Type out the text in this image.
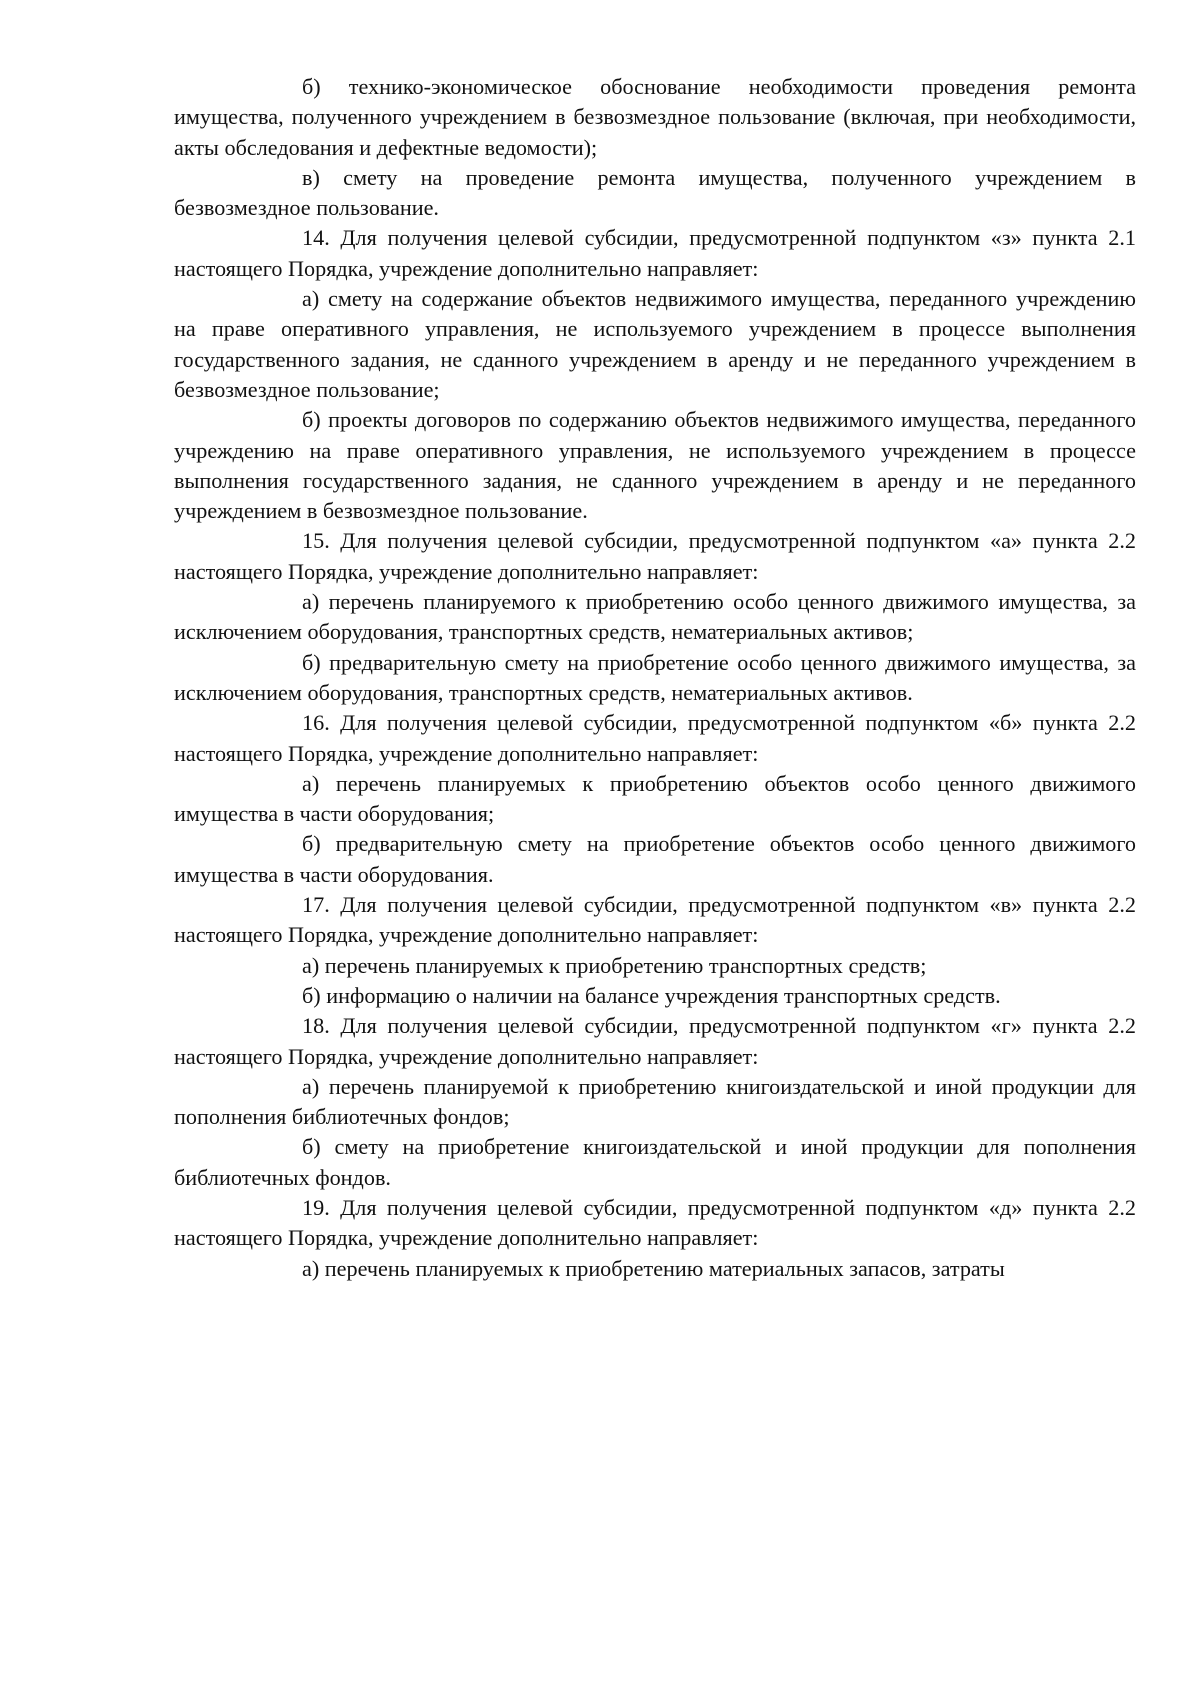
б) технико-экономическое обоснование необходимости проведения ремонта имущества, полученного учреждением в безвозмездное пользование (включая, при необходимости, акты обследования и дефектные ведомости);

в) смету на проведение ремонта имущества, полученного учреждением в безвозмездное пользование.

14. Для получения целевой субсидии, предусмотренной подпунктом «з» пункта 2.1 настоящего Порядка, учреждение дополнительно направляет:

а) смету на содержание объектов недвижимого имущества, переданного учреждению на праве оперативного управления, не используемого учреждением в процессе выполнения государственного задания, не сданного учреждением в аренду и не переданного учреждением в безвозмездное пользование;

б) проекты договоров по содержанию объектов недвижимого имущества, переданного учреждению на праве оперативного управления, не используемого учреждением в процессе выполнения государственного задания, не сданного учреждением в аренду и не переданного учреждением в безвозмездное пользование.

15. Для получения целевой субсидии, предусмотренной подпунктом «а» пункта 2.2 настоящего Порядка, учреждение дополнительно направляет:

а) перечень планируемого к приобретению особо ценного движимого имущества, за исключением оборудования, транспортных средств, нематериальных активов;

б) предварительную смету на приобретение особо ценного движимого имущества, за исключением оборудования, транспортных средств, нематериальных активов.

16. Для получения целевой субсидии, предусмотренной подпунктом «б» пункта 2.2 настоящего Порядка, учреждение дополнительно направляет:

а) перечень планируемых к приобретению объектов особо ценного движимого имущества в части оборудования;

б) предварительную смету на приобретение объектов особо ценного движимого имущества в части оборудования.

17. Для получения целевой субсидии, предусмотренной подпунктом «в» пункта 2.2 настоящего Порядка, учреждение дополнительно направляет:

а) перечень планируемых к приобретению транспортных средств;

б) информацию о наличии на балансе учреждения транспортных средств.

18. Для получения целевой субсидии, предусмотренной подпунктом «г» пункта 2.2 настоящего Порядка, учреждение дополнительно направляет:

а) перечень планируемой к приобретению книгоиздательской и иной продукции для пополнения библиотечных фондов;

б) смету на приобретение книгоиздательской и иной продукции для пополнения библиотечных фондов.

19. Для получения целевой субсидии, предусмотренной подпунктом «д» пункта 2.2 настоящего Порядка, учреждение дополнительно направляет:

а) перечень планируемых к приобретению материальных запасов, затраты
